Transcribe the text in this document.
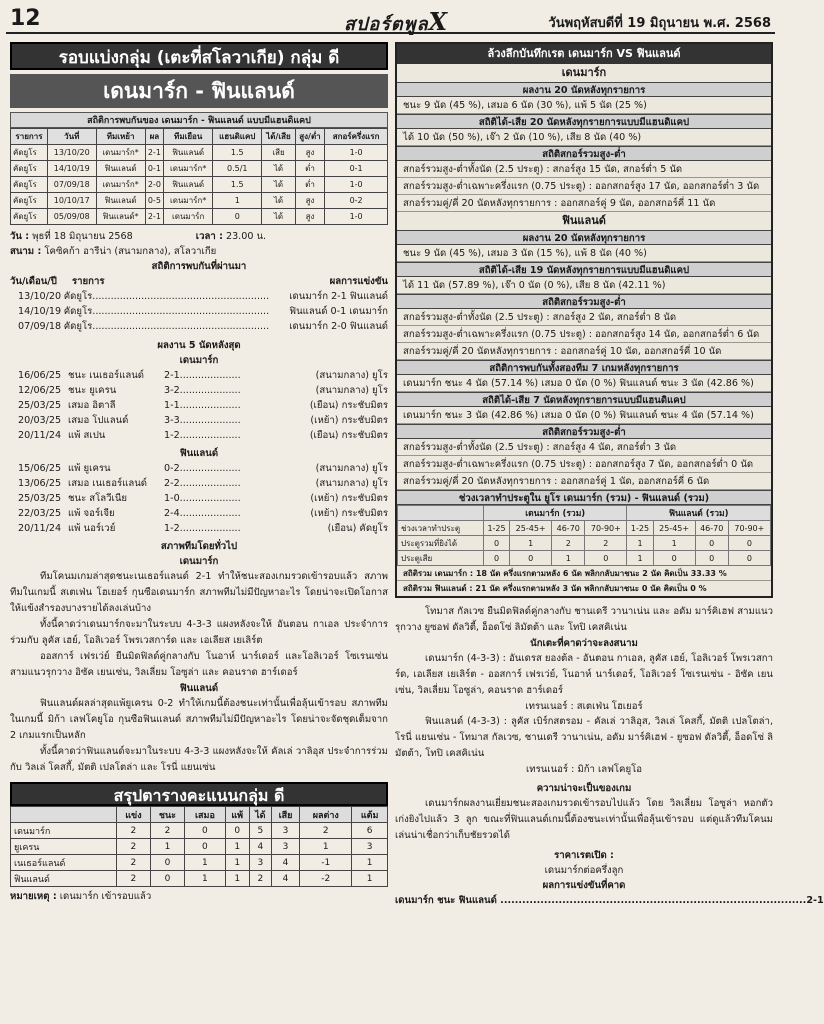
12	สปอร์ตพูลX	วันพฤหัสบดีที่ 19 มิถุนายน พ.ศ. 2568
รอบแบ่งกลุ่ม (เตะที่สโลวาเกีย) กลุ่ม ดี
เดนมาร์ก - ฟินแลนด์
สถิติการพบกันของ เดนมาร์ก - ฟินแลนด์ แบบมีแฮนดิแคป
รายการ	วันที่	ทีมเหย้า	ผล	ทีมเยือน	แฮนดิแคป	ได้/เสีย	สูง/ต่ำ	สกอร์ครึ่งแรก
คัดยูโร	13/10/20	เดนมาร์ก*	2-1	ฟินแลนด์	1.5	เสีย	สูง	1-0
คัดยูโร	14/10/19	ฟินแลนด์	0-1	เดนมาร์ก*	0.5/1	ได้	ต่ำ	0-1
คัดยูโร	07/09/18	เดนมาร์ก*	2-0	ฟินแลนด์	1.5	ได้	ต่ำ	1-0
คัดยูโร	10/10/17	ฟินแลนด์	0-5	เดนมาร์ก*	1	ได้	สูง	0-2
คัดยูโร	05/09/08	ฟินแลนด์*	2-1	เดนมาร์ก	0	ได้	สูง	1-0
วัน : พุธที่ 18 มิถุนายน 2568	เวลา : 23.00 น.
สนาม : โคซิคก้า อารีน่า (สนามกลาง), สโลวาเกีย
สถิติการพบกันที่ผ่านมา
วัน/เดือน/ปี	รายการ	ผลการแข่งขัน
13/10/20 คัดยูโร..........................................................	เดนมาร์ก 2-1 ฟินแลนด์
14/10/19 คัดยูโร..........................................................	ฟินแลนด์ 0-1 เดนมาร์ก
07/09/18 คัดยูโร..........................................................	เดนมาร์ก 2-0 ฟินแลนด์
ผลงาน 5 นัดหลังสุด
เดนมาร์ก
16/06/25 ชนะ เนเธอร์แลนด์	2-1....................	(สนามกลาง) ยูโร
12/06/25 ชนะ ยูเครน	3-2....................	(สนามกลาง) ยูโร
25/03/25 เสมอ อิตาลี	1-1....................	(เยือน) กระชับมิตร
20/03/25 เสมอ โปแลนด์	3-3....................	(เหย้า) กระชับมิตร
20/11/24 แพ้ สเปน	1-2....................	(เยือน) กระชับมิตร
ฟินแลนด์
15/06/25 แพ้ ยูเครน	0-2....................	(สนามกลาง) ยูโร
13/06/25 เสมอ เนเธอร์แลนด์	2-2....................	(สนามกลาง) ยูโร
25/03/25 ชนะ สโลวีเนีย	1-0....................	(เหย้า) กระชับมิตร
22/03/25 แพ้ จอร์เจีย	2-4....................	(เหย้า) กระชับมิตร
20/11/24 แพ้ นอร์เวย์	1-2....................	(เยือน) คัดยูโร
สภาพทีมโดยทั่วไป
เดนมาร์ก

ทีมโคนมเกมล่าสุดชนะเนเธอร์แลนด์ 2-1 ทำให้ชนะสองเกมรวดเข้ารอบแล้ว สภาพทีมในเกมนี้ สเตเฟ่น โฮเยอร์ กุนซือเดนมาร์ก สภาพทีมไม่มีปัญหาอะไร โดยน่าจะเปิดโอกาสให้แข้งสำรองบางรายได้ลงเล่นบ้าง

ทั้งนี้คาดว่าเดนมาร์กจะมาในระบบ 4-3-3 แผงหลังจะให้ อันตอน กาเอล ประจำการร่วมกับ ลูคัส เฮย์, โอลิเวอร์ โพรเวสการ์ด และ เอเลียส เยเลิร์ต

ออสการ์ เฟรเว่ย์ ยืนมิดฟิลด์คู่กลางกับ โนอาห์ นาร์เดอร์ และโอลิเวอร์ โซเรนเซ่น สามแนวรุกวาง อิซัค เยนเซ่น, วิลเลี่ยม โอซูล่า และ คอนราด ฮาร์เดอร์

ฟินแลนด์

ฟินแลนด์ผลล่าสุดแพ้ยูเครน 0-2 ทำให้เกมนี้ต้องชนะเท่านั้นเพื่อลุ้นเข้ารอบ สภาพทีมในเกมนี้ มิก้า เลฟโคยูโอ กุนซือฟินแลนด์ สภาพทีมไม่มีปัญหาอะไร โดยน่าจะจัดชุดเต็มจาก 2 เกมแรกเป็นหลัก

ทั้งนี้คาดว่าฟินแลนด์จะมาในระบบ 4-3-3 แผงหลังจะให้ คัลเล่ วาลิอุส ประจำการร่วมกับ วิลเล่ โคสกี้, มัตติ เปลโตล่า และ โรนี่ แยนเซ่น

สรุปตารางคะแนนกลุ่ม ดี
	แข่ง	ชนะ	เสมอ	แพ้	ได้	เสีย	ผลต่าง	แต้ม
เดนมาร์ก	2	2	0	0	5	3	2	6
ยูเครน	2	1	0	1	4	3	1	3
เนเธอร์แลนด์	2	0	1	1	3	4	-1	1
ฟินแลนด์	2	0	1	1	2	4	-2	1
หมายเหตุ : เดนมาร์ก เข้ารอบแล้ว
ล้วงลึกบันทึกเรต เดนมาร์ก VS ฟินแลนด์
เดนมาร์ก
ผลงาน 20 นัดหลังทุกรายการ
ชนะ 9 นัด (45 %), เสมอ 6 นัด (30 %), แพ้ 5 นัด (25 %)
สถิติได้-เสีย 20 นัดหลังทุกรายการแบบมีแฮนดิแคป
ได้ 10 นัด (50 %), เจ๊า 2 นัด (10 %), เสีย 8 นัด (40 %)
สถิติสกอร์รวมสูง-ต่ำ
สกอร์รวมสูง-ต่ำทั้งนัด (2.5 ประตู) : สกอร์สูง 15 นัด, สกอร์ต่ำ 5 นัด
สกอร์รวมสูง-ต่ำเฉพาะครึ่งแรก (0.75 ประตู) : ออกสกอร์สูง 17 นัด, ออกสกอร์ต่ำ 3 นัด
สกอร์รวมคู่/คี่ 20 นัดหลังทุกรายการ : ออกสกอร์คู่ 9 นัด, ออกสกอร์คี่ 11 นัด
ฟินแลนด์
ผลงาน 20 นัดหลังทุกรายการ
ชนะ 9 นัด (45 %), เสมอ 3 นัด (15 %), แพ้ 8 นัด (40 %)
สถิติได้-เสีย 19 นัดหลังทุกรายการแบบมีแฮนดิแคป
ได้ 11 นัด (57.89 %), เจ๊า 0 นัด (0 %), เสีย 8 นัด (42.11 %)
สถิติสกอร์รวมสูง-ต่ำ
สกอร์รวมสูง-ต่ำทั้งนัด (2.5 ประตู) : สกอร์สูง 2 นัด, สกอร์ต่ำ 8 นัด
สกอร์รวมสูง-ต่ำเฉพาะครึ่งแรก (0.75 ประตู) : ออกสกอร์สูง 14 นัด, ออกสกอร์ต่ำ 6 นัด
สกอร์รวมคู่/คี่ 20 นัดหลังทุกรายการ : ออกสกอร์คู่ 10 นัด, ออกสกอร์คี่ 10 นัด
สถิติการพบกันทั้งสองทีม 7 เกมหลังทุกรายการ
เดนมาร์ก ชนะ 4 นัด (57.14 %) เสมอ 0 นัด (0 %) ฟินแลนด์ ชนะ 3 นัด (42.86 %)
สถิติได้-เสีย 7 นัดหลังทุกรายการแบบมีแฮนดิแคป
เดนมาร์ก ชนะ 3 นัด (42.86 %) เสมอ 0 นัด (0 %) ฟินแลนด์ ชนะ 4 นัด (57.14 %)
สถิติสกอร์รวมสูง-ต่ำ
สกอร์รวมสูง-ต่ำทั้งนัด (2.5 ประตู) : สกอร์สูง 4 นัด, สกอร์ต่ำ 3 นัด
สกอร์รวมสูง-ต่ำเฉพาะครึ่งแรก (0.75 ประตู) : ออกสกอร์สูง 7 นัด, ออกสกอร์ต่ำ 0 นัด
สกอร์รวมคู่/คี่ 20 นัดหลังทุกรายการ : ออกสกอร์คู่ 1 นัด, ออกสกอร์คี่ 6 นัด
ช่วงเวลาทำประตูใน ยูโร เดนมาร์ก (รวม) - ฟินแลนด์ (รวม)
	เดนมาร์ก (รวม)				ฟินแลนด์ (รวม)			
ช่วงเวลาทำประตู	1-25	25-45+	46-70	70-90+	1-25	25-45+	46-70	70-90+
ประตูรวมที่ยิงได้	0	1	2	2	1	1	0	0
ประตูเสีย	0	0	1	0	1	0	0	0
สถิติรวม เดนมาร์ก : 18 นัด ครึ่งแรกตามหลัง 6 นัด พลิกกลับมาชนะ 2 นัด คิดเป็น 33.33 %
สถิติรวม ฟินแลนด์ : 21 นัด ครึ่งแรกตามหลัง 3 นัด พลิกกลับมาชนะ 0 นัด คิดเป็น 0 %

โทมาส กัลเวซ ยืนมิดฟิลด์คู่กลางกับ ชานเดรี วานาเน่น และ อดัม มาร์คิเฮฟ สามแนวรุกวาง ยูซอฟ ดัลวิตี้, อ็อดโซ่ ลิมัตต้า และ โทปิ เคสคิเน่น

นักเตะที่คาดว่าจะลงสนาม

เดนมาร์ก (4-3-3) : อันเดรส ยองต้ล - อันตอน กาเอล, ลูคัส เฮย์, โอลิเวอร์ โพรเวสการ์ด, เอเลียส เยเลิร์ต - ออสการ์ เฟรเว่ย์, โนอาห์ นาร์เดอร์, โอลิเวอร์ โซเรนเซ่น - อิซัค เยนเซ่น, วิลเลี่ยม โอซูล่า, คอนราด ฮาร์เดอร์

เทรนเนอร์ : สเตเฟ่น โฮเยอร์

ฟินแลนด์ (4-3-3) : ลูคัส เบิร์กสตรอม - คัลเล่ วาลิอุส, วิลเล่ โคสกี้, มัตติ เปลโตล่า, โรนี่ แยนเซ่น - โทมาส กัลเวซ, ชานเดรี วานาเน่น, อดัม มาร์คิเฮฟ - ยูซอฟ ดัลวิตี้, อ็อดโซ่ ลิมัตต้า, โทปิ เคสคิเน่น

เทรนเนอร์ : มิก้า เลฟโคยูโอ
ความน่าจะเป็นของเกม

เดนมาร์กผลงานเยี่ยมชนะสองเกมรวดเข้ารอบไปแล้ว โดย วิลเลี่ยม โอซูล่า หอกตัวเก่งยิงไปแล้ว 3 ลูก ขณะที่ฟินแลนด์เกมนี้ต้องชนะเท่านั้นเพื่อลุ้นเข้ารอบ แต่ดูแล้วทีมโคนมเล่นน่าเชื่อกว่าเก็บชัยรวดได้

ราคาเรตเปิด :
เดนมาร์กต่อครึ่งลูก
ผลการแข่งขันที่คาด
เดนมาร์ก ชนะ ฟินแลนด์ .................................................................................... 2-1
